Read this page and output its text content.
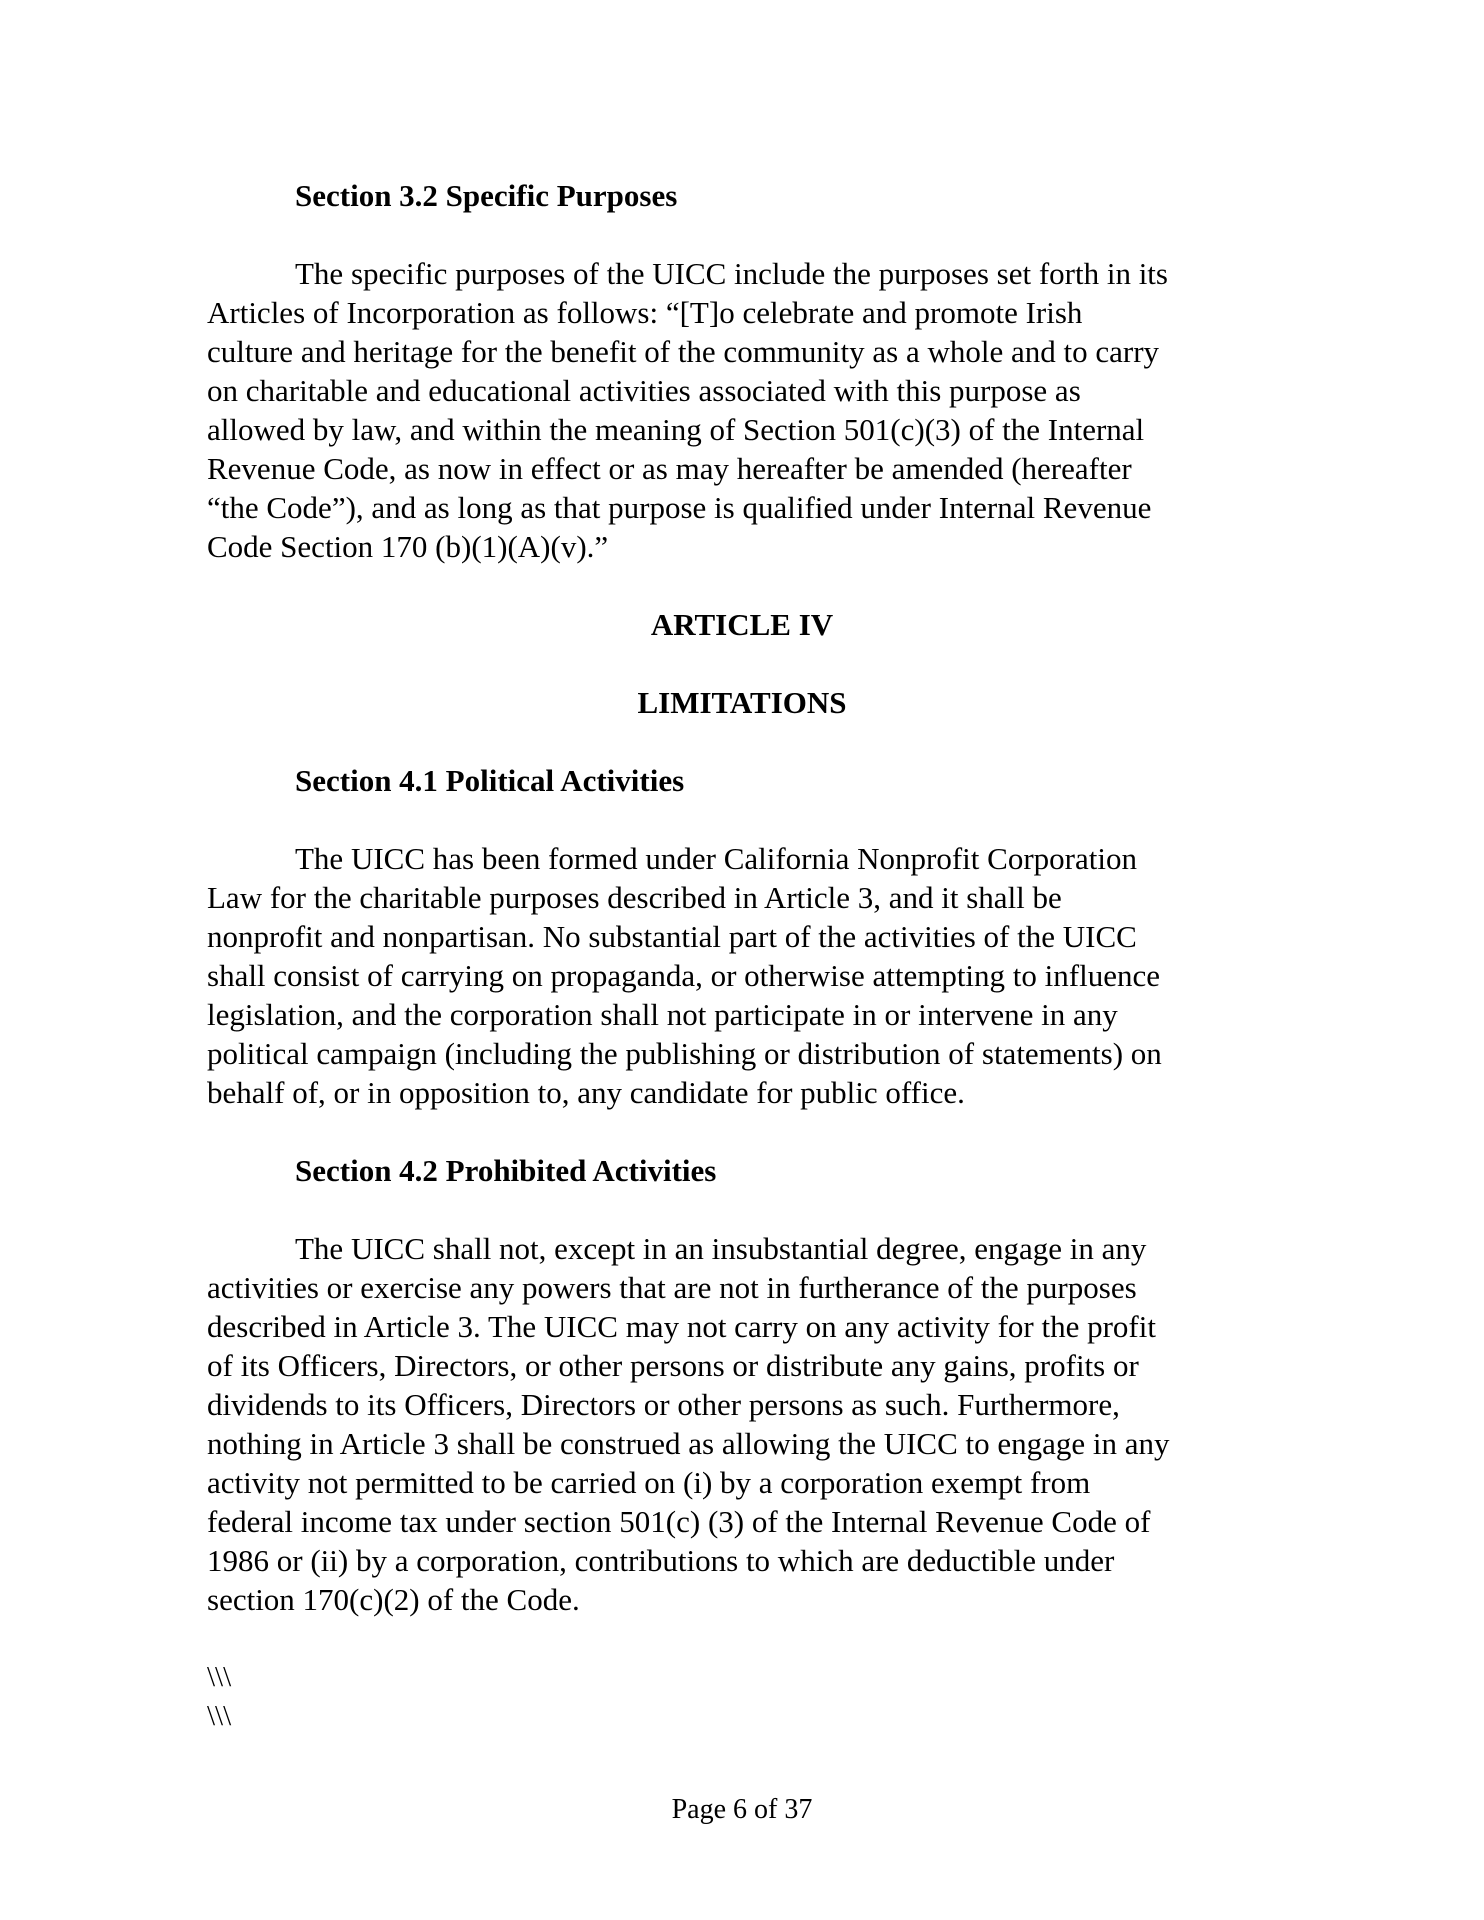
Section 3.2 Specific Purposes

The specific purposes of the UICC include the purposes set forth in its

Articles of Incorporation as follows: “[T]o celebrate and promote Irish

culture and heritage for the benefit of the community as a whole and to carry

on charitable and educational activities associated with this purpose as

allowed by law, and within the meaning of Section 501(c)(3) of the Internal

Revenue Code, as now in effect or as may hereafter be amended (hereafter

“the Code”), and as long as that purpose is qualified under Internal Revenue

Code Section 170 (b)(1)(A)(v).”

ARTICLE IV

LIMITATIONS

Section 4.1 Political Activities

The UICC has been formed under California Nonprofit Corporation

Law for the charitable purposes described in Article 3, and it shall be

nonprofit and nonpartisan. No substantial part of the activities of the UICC

shall consist of carrying on propaganda, or otherwise attempting to influence

legislation, and the corporation shall not participate in or intervene in any

political campaign (including the publishing or distribution of statements) on

behalf of, or in opposition to, any candidate for public office.

Section 4.2 Prohibited Activities

The UICC shall not, except in an insubstantial degree, engage in any

activities or exercise any powers that are not in furtherance of the purposes

described in Article 3. The UICC may not carry on any activity for the profit

of its Officers, Directors, or other persons or distribute any gains, profits or

dividends to its Officers, Directors or other persons as such. Furthermore,

nothing in Article 3 shall be construed as allowing the UICC to engage in any

activity not permitted to be carried on (i) by a corporation exempt from

federal income tax under section 501(c) (3) of the Internal Revenue Code of

1986 or (ii) by a corporation, contributions to which are deductible under

section 170(c)(2) of the Code.

\\\

\\\

Page 6 of 37
